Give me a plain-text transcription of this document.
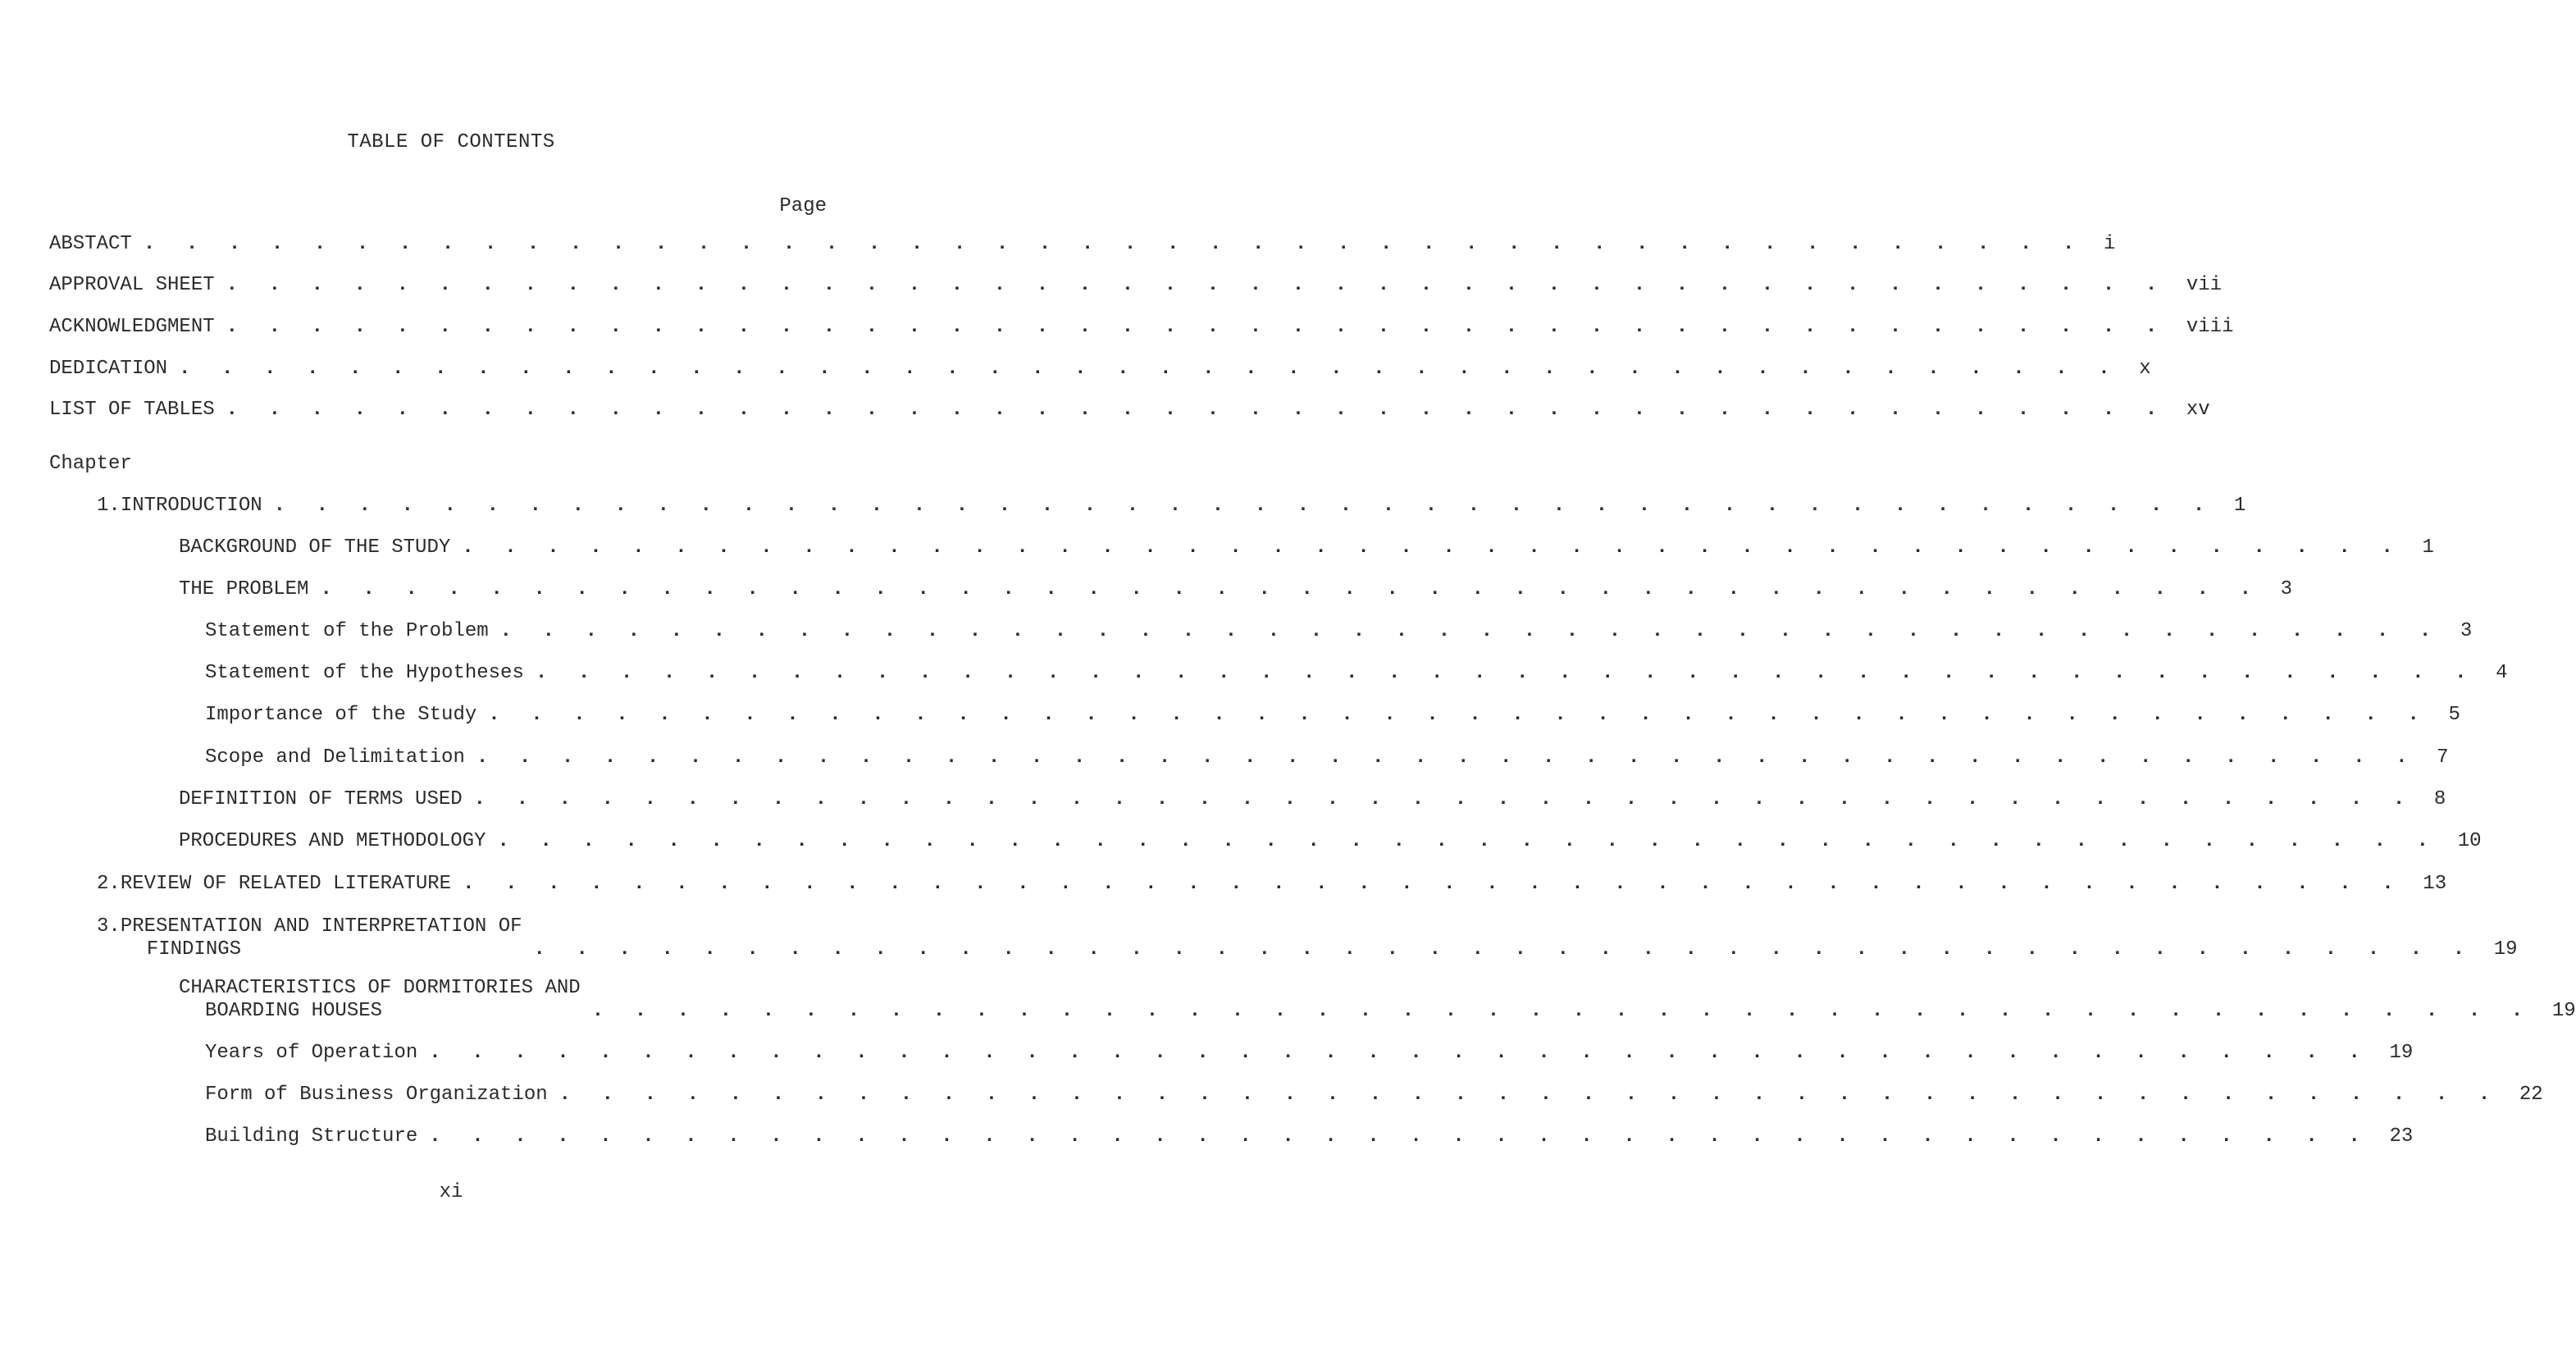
TABLE OF CONTENTS
Page
ABSTACT . . . . . . . . . . . . . . . . . . . . . . . . . . . . . . . . . . . . . . . . . . . . . . i
APPROVAL SHEET . . . . . . . . . . . . . . . . . . . . . . . . . . . . . . . . . . . . . . . . . . . . . . vii
ACKNOWLEDGMENT . . . . . . . . . . . . . . . . . . . . . . . . . . . . . . . . . . . . . . . . . . . . . . viii
DEDICATION . . . . . . . . . . . . . . . . . . . . . . . . . . . . . . . . . . . . . . . . . . . . . . x
LIST OF TABLES . . . . . . . . . . . . . . . . . . . . . . . . . . . . . . . . . . . . . . . . . . . . . . xv
Chapter
1. INTRODUCTION . . . . . . . . . . . . . . . . . . . . . . . . . . . . . . . . . . . . . . . . . . . . . . 1
BACKGROUND OF THE STUDY . . . . . . . . . . . . . . . . . . . . . . . . . . . . . . . . . . . . . . . . . . . . . . 1
THE PROBLEM . . . . . . . . . . . . . . . . . . . . . . . . . . . . . . . . . . . . . . . . . . . . . . 3
Statement of the Problem . . . . . . . . . . . . . . . . . . . . . . . . . . . . . . . . . . . . . . . . . . . . . . 3
Statement of the Hypotheses . . . . . . . . . . . . . . . . . . . . . . . . . . . . . . . . . . . . . . . . . . . . . . 4
Importance of the Study . . . . . . . . . . . . . . . . . . . . . . . . . . . . . . . . . . . . . . . . . . . . . . 5
Scope and Delimitation . . . . . . . . . . . . . . . . . . . . . . . . . . . . . . . . . . . . . . . . . . . . . . 7
DEFINITION OF TERMS USED . . . . . . . . . . . . . . . . . . . . . . . . . . . . . . . . . . . . . . . . . . . . . . 8
PROCEDURES AND METHODOLOGY . . . . . . . . . . . . . . . . . . . . . . . . . . . . . . . . . . . . . . . . . . . . . . 10
2. REVIEW OF RELATED LITERATURE . . . . . . . . . . . . . . . . . . . . . . . . . . . . . . . . . . . . . . . . . . . . . . 13
3. PRESENTATION AND INTERPRETATION OF
FINDINGS	. . . . . . . . . . . . . . . . . . . . . . . . . . . . . . . . . . . . . . . . . . . . . . 19
CHARACTERISTICS OF DORMITORIES AND
BOARDING HOUSES	. . . . . . . . . . . . . . . . . . . . . . . . . . . . . . . . . . . . . . . . . . . . . . 19
Years of Operation . . . . . . . . . . . . . . . . . . . . . . . . . . . . . . . . . . . . . . . . . . . . . . 19
Form of Business Organization . . . . . . . . . . . . . . . . . . . . . . . . . . . . . . . . . . . . . . . . . . . . . . 22
Building Structure . . . . . . . . . . . . . . . . . . . . . . . . . . . . . . . . . . . . . . . . . . . . . . 23
xi
